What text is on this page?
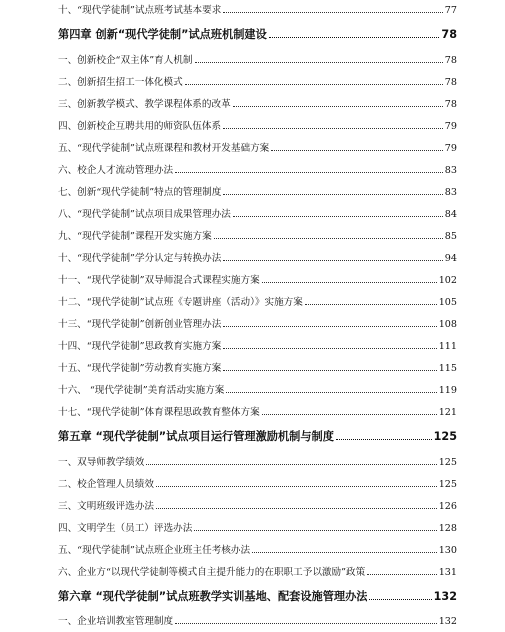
十、“现代学徒制”试点班考试基本要求	77
第四章 创新“现代学徒制”试点班机制建设	78
一、创新校企“双主体”育人机制	78
二、创新招生招工一体化模式	78
三、创新教学模式、教学课程体系的改革	78
四、创新校企互聘共用的师资队伍体系	79
五、“现代学徒制”试点班课程和教材开发基础方案	79
六、校企人才流动管理办法	83
七、创新“现代学徒制”特点的管理制度	83
八、“现代学徒制”试点项目成果管理办法	84
九、“现代学徒制”课程开发实施方案	85
十、“现代学徒制”学分认定与转换办法	94
十一、“现代学徒制”双导师混合式课程实施方案	102
十二、“现代学徒制”试点班《专题讲座（活动）》实施方案	105
十三、“现代学徒制”创新创业管理办法	108
十四、“现代学徒制”思政教育实施方案	111
十五、“现代学徒制”劳动教育实施方案	115
十六、 “现代学徒制”美育活动实施方案	119
十七、“现代学徒制”体育课程思政教育整体方案	121
第五章 “现代学徒制”试点项目运行管理激励机制与制度	125
一、双导师教学绩效	125
二、校企管理人员绩效	125
三、文明班级评选办法	126
四、文明学生（员工）评选办法	128
五、“现代学徒制”试点班企业班主任考核办法	130
六、企业方“以现代学徒制等模式自主提升能力的在职职工予以激励”政策	131
第六章 “现代学徒制”试点班教学实训基地、配套设施管理办法	132
一、企业培训教室管理制度	132
